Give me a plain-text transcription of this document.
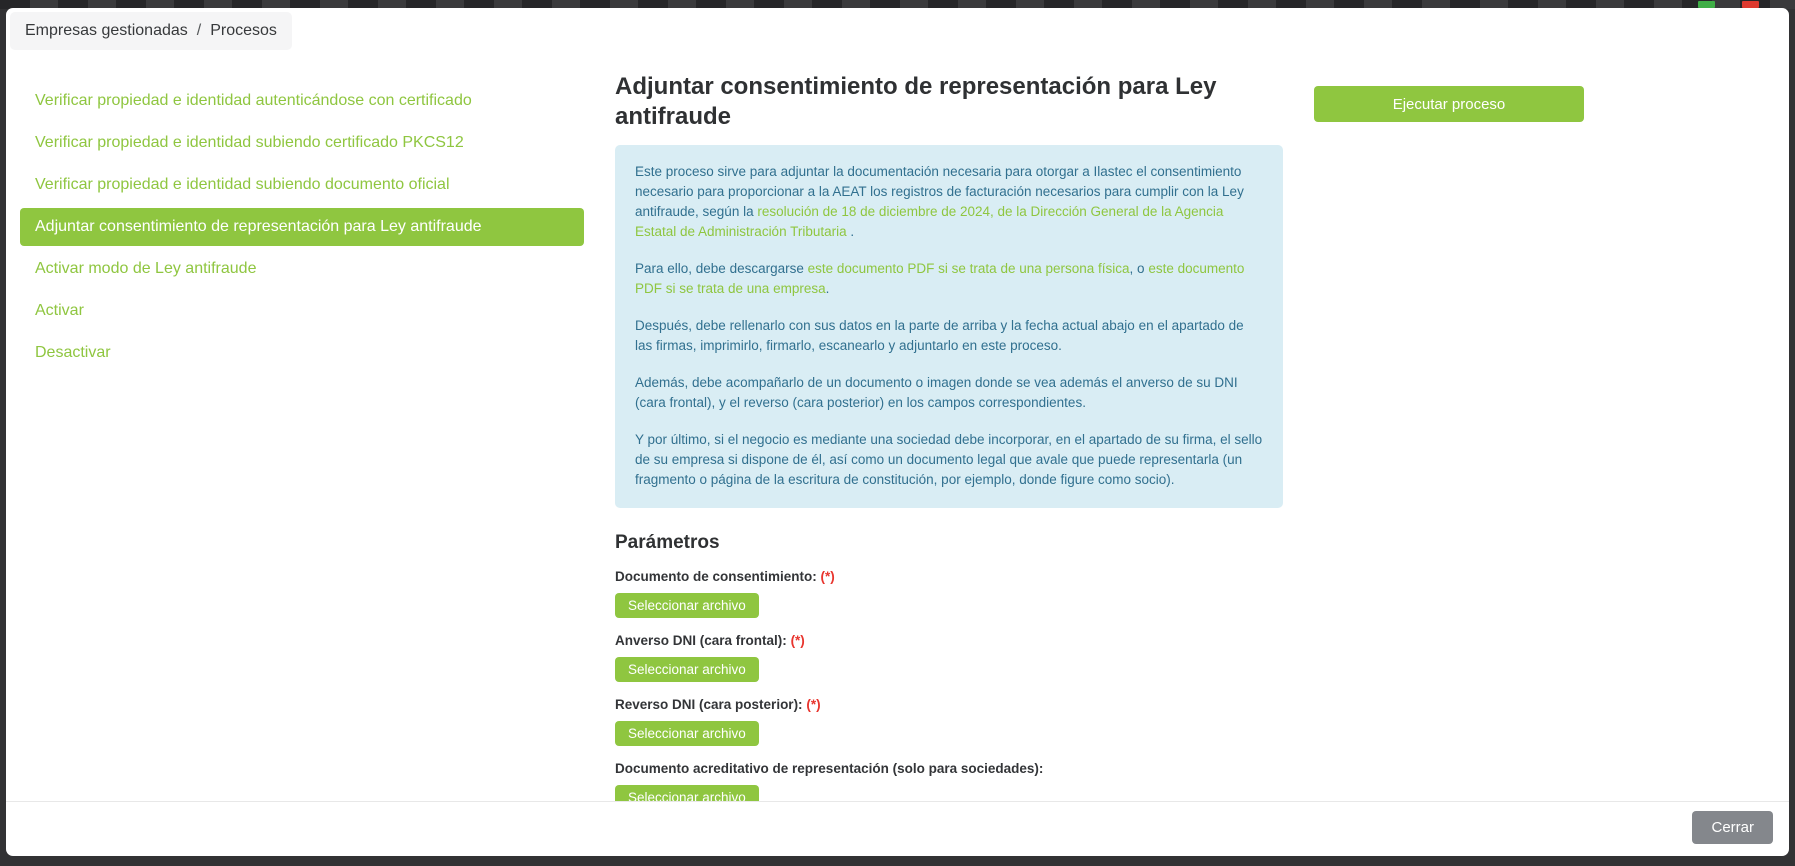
Empresas gestionadas / Procesos
Verificar propiedad e identidad autenticándose con certificado
Verificar propiedad e identidad subiendo certificado PKCS12
Verificar propiedad e identidad subiendo documento oficial
Adjuntar consentimiento de representación para Ley antifraude
Activar modo de Ley antifraude
Activar
Desactivar
Adjuntar consentimiento de representación para Ley antifraude

Este proceso sirve para adjuntar la documentación necesaria para otorgar a Ilastec el consentimiento necesario para proporcionar a la AEAT los registros de facturación necesarios para cumplir con la Ley antifraude, según la resolución de 18 de diciembre de 2024, de la Dirección General de la Agencia Estatal de Administración Tributaria .

Para ello, debe descargarse este documento PDF si se trata de una persona física, o este documento PDF si se trata de una empresa.

Después, debe rellenarlo con sus datos en la parte de arriba y la fecha actual abajo en el apartado de las firmas, imprimirlo, firmarlo, escanearlo y adjuntarlo en este proceso.

Además, debe acompañarlo de un documento o imagen donde se vea además el anverso de su DNI (cara frontal), y el reverso (cara posterior) en los campos correspondientes.

Y por último, si el negocio es mediante una sociedad debe incorporar, en el apartado de su firma, el sello de su empresa si dispone de él, así como un documento legal que avale que puede representarla (un fragmento o página de la escritura de constitución, por ejemplo, donde figure como socio).

Parámetros
Documento de consentimiento: (*)
Seleccionar archivo
Anverso DNI (cara frontal): (*)
Seleccionar archivo
Reverso DNI (cara posterior): (*)
Seleccionar archivo
Documento acreditativo de representación (solo para sociedades):
Seleccionar archivo
Ejecutar proceso
Cerrar
